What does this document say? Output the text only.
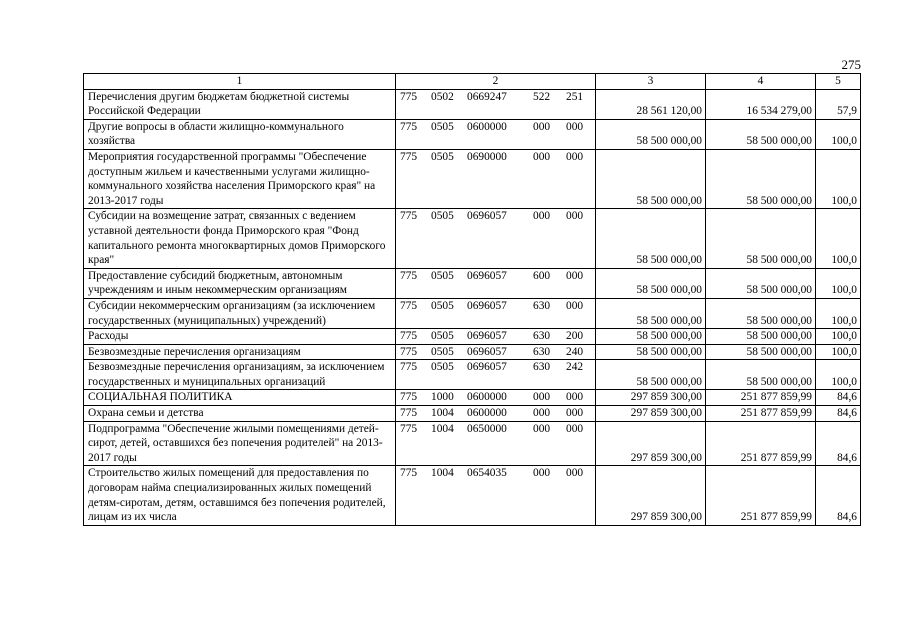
275
1	2	3	4	5
Перечисления другим бюджетам бюджетной системы Российской Федерации	775 0502 0669247 522 251	28 561 120,00	16 534 279,00	57,9
Другие вопросы в области жилищно-коммунального хозяйства	775 0505 0600000 000 000	58 500 000,00	58 500 000,00	100,0
Мероприятия государственной программы "Обеспечение доступным жильем и качественными услугами жилищно-коммунального хозяйства населения Приморского края" на 2013-2017 годы	775 0505 0690000 000 000	58 500 000,00	58 500 000,00	100,0
Субсидии на возмещение затрат, связанных с ведением уставной деятельности фонда Приморского края "Фонд капитального ремонта многоквартирных домов Приморского края"	775 0505 0696057 000 000	58 500 000,00	58 500 000,00	100,0
Предоставление субсидий бюджетным, автономным учреждениям и иным некоммерческим организациям	775 0505 0696057 600 000	58 500 000,00	58 500 000,00	100,0
Субсидии некоммерческим организациям (за исключением государственных (муниципальных) учреждений)	775 0505 0696057 630 000	58 500 000,00	58 500 000,00	100,0
Расходы	775 0505 0696057 630 200	58 500 000,00	58 500 000,00	100,0
Безвозмездные перечисления организациям	775 0505 0696057 630 240	58 500 000,00	58 500 000,00	100,0
Безвозмездные перечисления организациям, за исключением государственных и муниципальных организаций	775 0505 0696057 630 242	58 500 000,00	58 500 000,00	100,0
СОЦИАЛЬНАЯ ПОЛИТИКА	775 1000 0600000 000 000	297 859 300,00	251 877 859,99	84,6
Охрана семьи и детства	775 1004 0600000 000 000	297 859 300,00	251 877 859,99	84,6
Подпрограмма "Обеспечение жилыми помещениями детей-сирот, детей, оставшихся без попечения родителей" на 2013-2017 годы	775 1004 0650000 000 000	297 859 300,00	251 877 859,99	84,6
Строительство жилых помещений для предоставления по договорам найма специализированных жилых помещений детям-сиротам, детям, оставшимся без попечения родителей, лицам из их числа	775 1004 0654035 000 000	297 859 300,00	251 877 859,99	84,6
